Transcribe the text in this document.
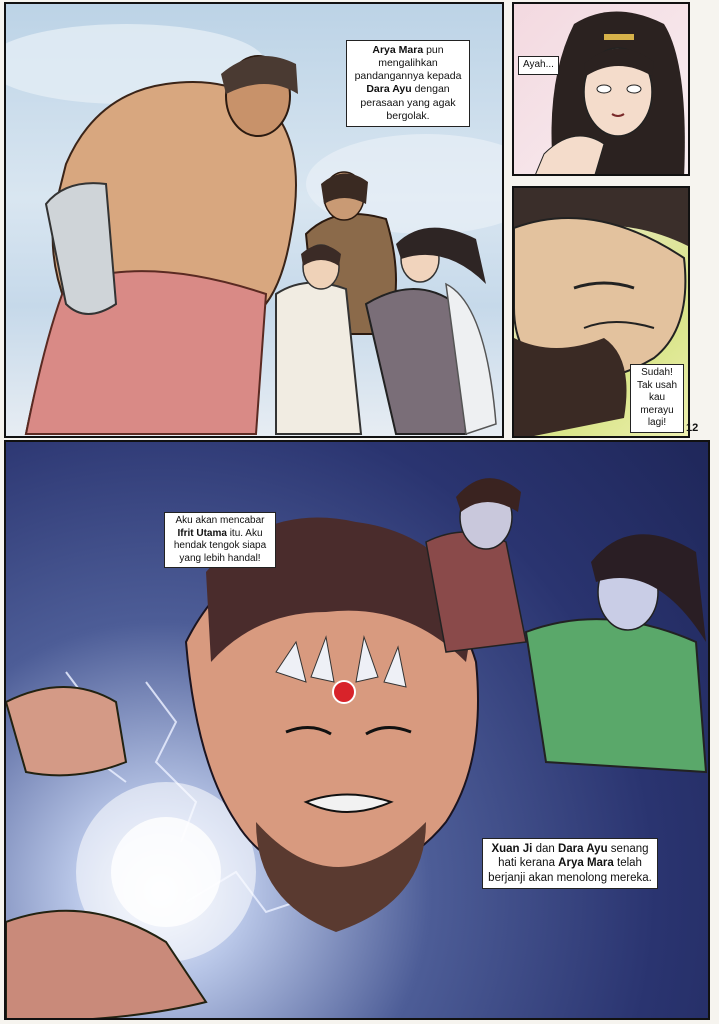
Arya Mara pun mengalihkan pandangannya kepada Dara Ayu dengan perasaan yang agak bergolak.
Ayah...
Sudah!
Tak usah
kau
merayu
lagi!	12
Aku akan mencabar Ifrit Utama itu. Aku hendak tengok siapa yang lebih handal!
Xuan Ji dan Dara Ayu senang hati kerana Arya Mara telah berjanji akan menolong mereka.
